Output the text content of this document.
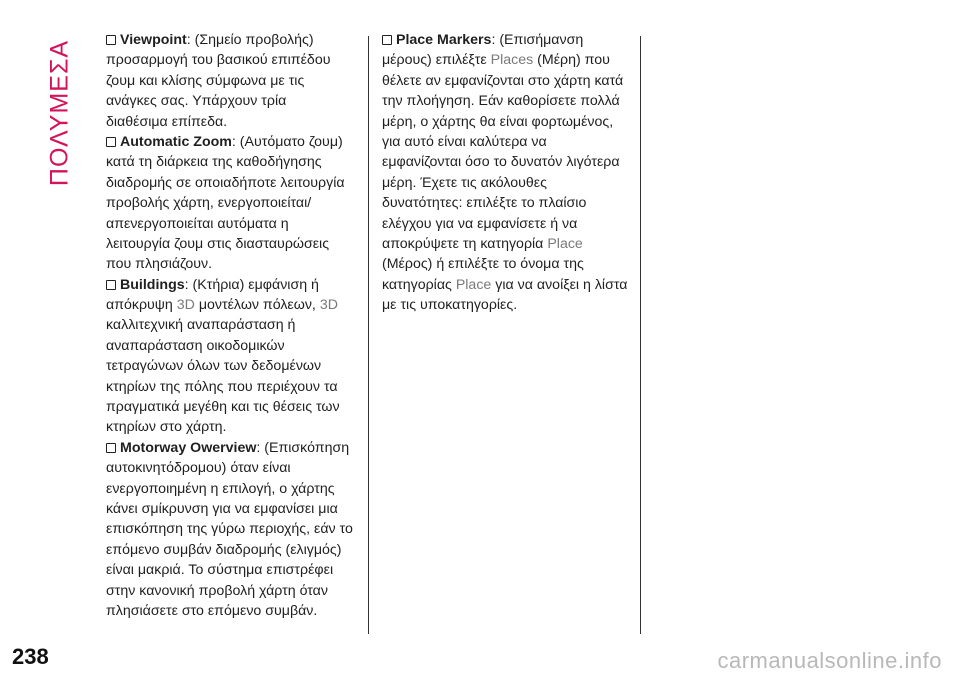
ΠΟΛΥΜΕΣΑ	Viewpoint: (Σημείο προβολής)
προσαρμογή του βασικού επιπέδου
ζουμ και κλίσης σύμφωνα με τις
ανάγκες σας. Υπάρχουν τρία
διαθέσιμα επίπεδα.
Automatic Zoom: (Αυτόματο ζουμ)
κατά τη διάρκεια της καθοδήγησης
διαδρομής σε οποιαδήποτε λειτουργία
προβολής χάρτη, ενεργοποιείται/
απενεργοποιείται αυτόματα η
λειτουργία ζουμ στις διασταυρώσεις
που πλησιάζουν.
Buildings: (Κτήρια) εμφάνιση ή
απόκρυψη 3D μοντέλων πόλεων, 3D
καλλιτεχνική αναπαράσταση ή
αναπαράσταση οικοδομικών
τετραγώνων όλων των δεδομένων
κτηρίων της πόλης που περιέχουν τα
πραγματικά μεγέθη και τις θέσεις των
κτηρίων στο χάρτη.
Motorway Owerview: (Επισκόπηση
αυτοκινητόδρομου) όταν είναι
ενεργοποιημένη η επιλογή, ο χάρτης
κάνει σμίκρυνση για να εμφανίσει μια
επισκόπηση της γύρω περιοχής, εάν το
επόμενο συμβάν διαδρομής (ελιγμός)
είναι μακριά. Το σύστημα επιστρέφει
στην κανονική προβολή χάρτη όταν
πλησιάσετε στο επόμενο συμβάν.
Place Markers: (Επισήμανση
μέρους) επιλέξτε Places (Μέρη) που
θέλετε αν εμφανίζονται στο χάρτη κατά
την πλοήγηση. Εάν καθορίσετε πολλά
μέρη, ο χάρτης θα είναι φορτωμένος,
για αυτό είναι καλύτερα να
εμφανίζονται όσο το δυνατόν λιγότερα
μέρη. Έχετε τις ακόλουθες
δυνατότητες: επιλέξτε το πλαίσιο
ελέγχου για να εμφανίσετε ή να
αποκρύψετε τη κατηγορία Place
(Μέρος) ή επιλέξτε το όνομα της
κατηγορίας Place για να ανοίξει η λίστα
με τις υποκατηγορίες.
238	carmanualsonline.info
